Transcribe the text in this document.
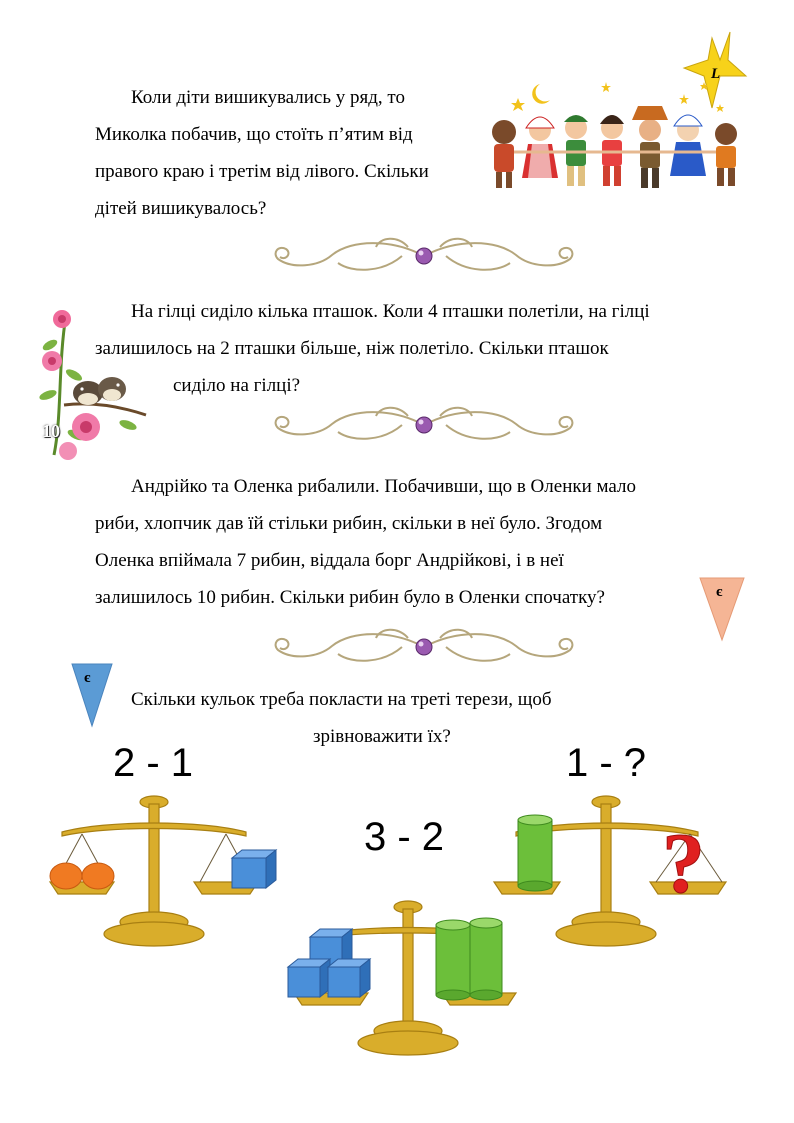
L
Коли діти вишикувались у ряд, то
Миколка побачив, що стоїть п’ятим від
правого краю і третім від лівого. Скільки
дітей вишикувалось?
10
На гілці сиділо кілька пташок. Коли 4 пташки полетіли, на гілці
залишилось на 2 пташки більше, ніж полетіло. Скільки пташок
сиділо на гілці?
Андрійко та Оленка рибалили. Побачивши, що в Оленки мало
риби, хлопчик дав їй стільки рибин, скільки в неї було. Згодом
Оленка впіймала 7 рибин, віддала борг Андрійкові, і в неї
залишилось 10 рибин. Скільки рибин було в Оленки спочатку?	є
є
Скільки кульок треба покласти на треті терези, щоб
зрівноважити їх?
2 - 1
3 - 2
1 - ?
?
